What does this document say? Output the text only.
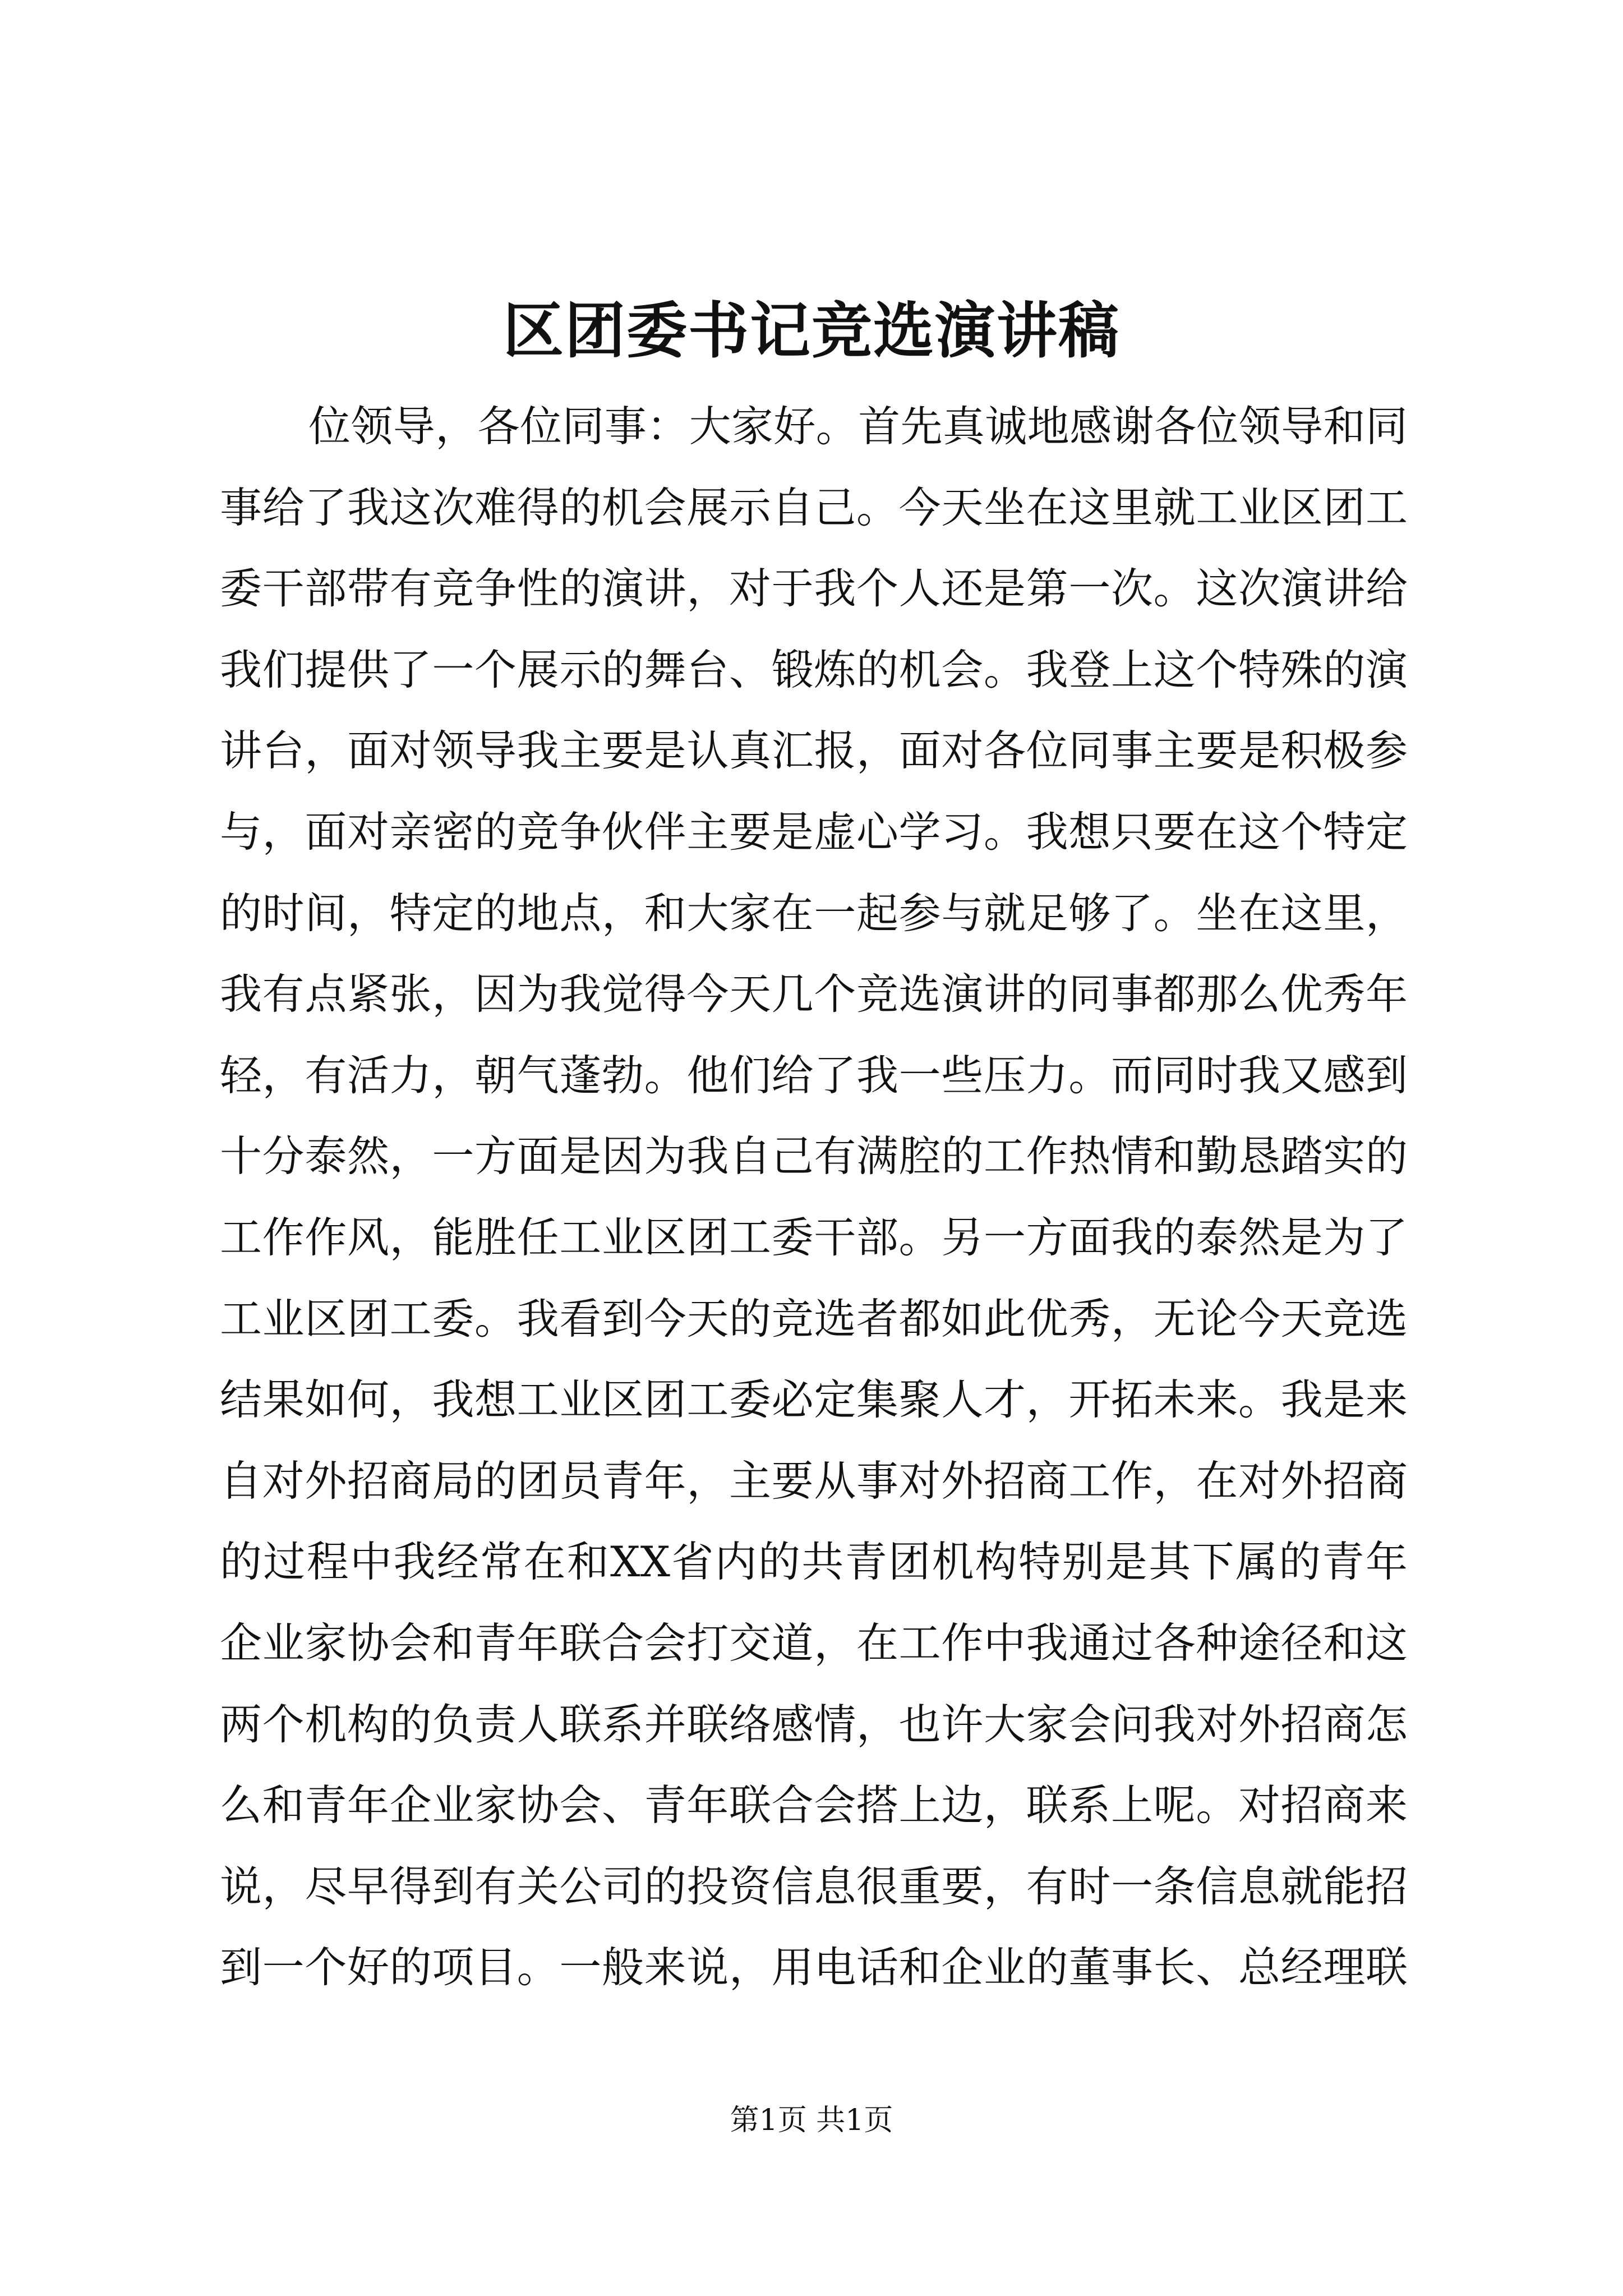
区团委书记竞选演讲稿
位领导，各位同事：大家好。首先真诚地感谢各位领导和同
事给了我这次难得的机会展示自己。今天坐在这里就工业区团工
委干部带有竞争性的演讲，对于我个人还是第一次。这次演讲给
我们提供了一个展示的舞台、锻炼的机会。我登上这个特殊的演
讲台，面对领导我主要是认真汇报，面对各位同事主要是积极参
与，面对亲密的竞争伙伴主要是虚心学习。我想只要在这个特定
的时间，特定的地点，和大家在一起参与就足够了。坐在这里，
我有点紧张，因为我觉得今天几个竞选演讲的同事都那么优秀年
轻，有活力，朝气蓬勃。他们给了我一些压力。而同时我又感到
十分泰然，一方面是因为我自己有满腔的工作热情和勤恳踏实的
工作作风，能胜任工业区团工委干部。另一方面我的泰然是为了
工业区团工委。我看到今天的竞选者都如此优秀，无论今天竞选
结果如何，我想工业区团工委必定集聚人才，开拓未来。我是来
自对外招商局的团员青年，主要从事对外招商工作，在对外招商
的过程中我经常在和XX省内的共青团机构特别是其下属的青年
企业家协会和青年联合会打交道，在工作中我通过各种途径和这
两个机构的负责人联系并联络感情，也许大家会问我对外招商怎
么和青年企业家协会、青年联合会搭上边，联系上呢。对招商来
说，尽早得到有关公司的投资信息很重要，有时一条信息就能招
到一个好的项目。一般来说，用电话和企业的董事长、总经理联
第1页 共1页
